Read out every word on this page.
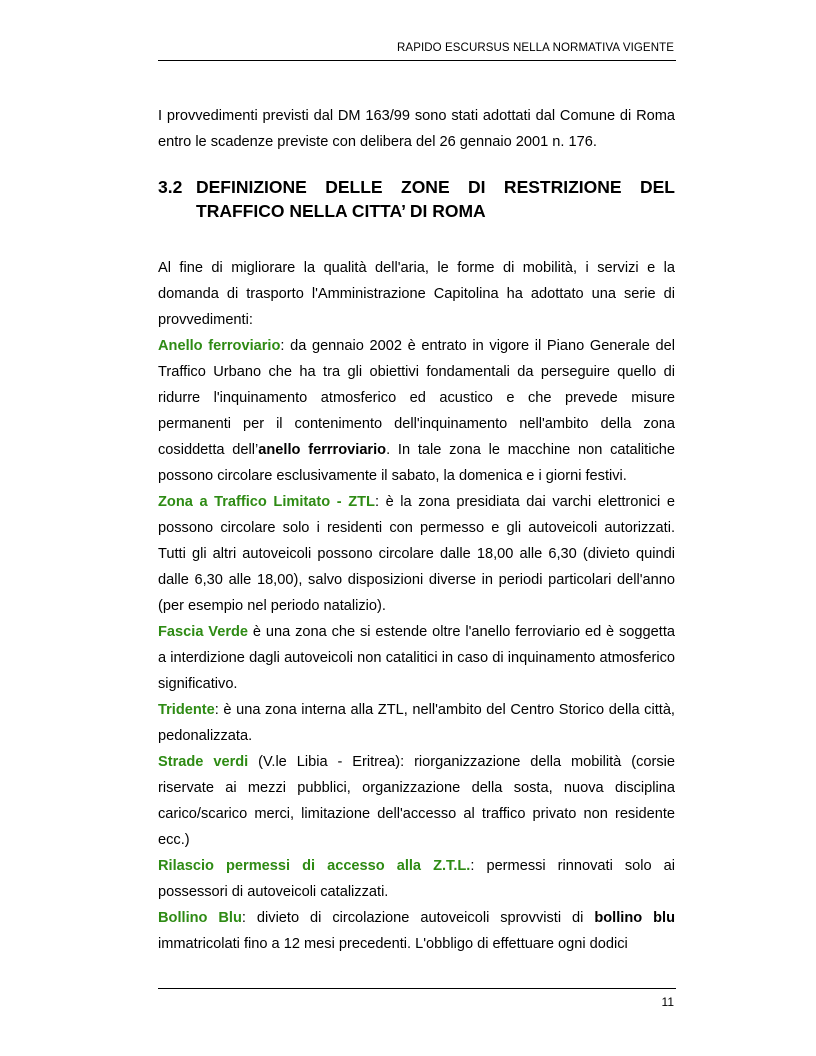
RAPIDO ESCURSUS NELLA NORMATIVA VIGENTE

I provvedimenti previsti dal DM 163/99 sono stati adottati dal Comune di Roma entro le scadenze previste con delibera del 26 gennaio 2001 n. 176.

3.2 DEFINIZIONE DELLE ZONE DI RESTRIZIONE DEL
TRAFFICO NELLA CITTA’ DI ROMA

Al fine di migliorare la qualità dell'aria, le forme di mobilità, i servizi e la domanda di trasporto l'Amministrazione Capitolina ha adottato una serie di provvedimenti:

Anello ferroviario: da gennaio 2002 è entrato in vigore il Piano Generale del Traffico Urbano che ha tra gli obiettivi fondamentali da perseguire quello di ridurre l'inquinamento atmosferico ed acustico e che prevede misure permanenti per il contenimento dell'inquinamento nell'ambito della zona cosiddetta dell’anello ferrroviario. In tale zona le macchine non catalitiche possono circolare esclusivamente il sabato, la domenica e i giorni festivi.

Zona a Traffico Limitato - ZTL: è la zona presidiata dai varchi elettronici e possono circolare solo i residenti con permesso e gli autoveicoli autorizzati. Tutti gli altri autoveicoli possono circolare dalle 18,00 alle 6,30 (divieto quindi dalle 6,30 alle 18,00), salvo disposizioni diverse in periodi particolari dell'anno (per esempio nel periodo natalizio).

Fascia Verde è una zona che si estende oltre l'anello ferroviario ed è soggetta a interdizione dagli autoveicoli non catalitici in caso di inquinamento atmosferico significativo.

Tridente: è una zona interna alla ZTL, nell'ambito del Centro Storico della città, pedonalizzata.

Strade verdi (V.le Libia - Eritrea): riorganizzazione della mobilità (corsie riservate ai mezzi pubblici, organizzazione della sosta, nuova disciplina carico/scarico merci, limitazione dell'accesso al traffico privato non residente ecc.)

Rilascio permessi di accesso alla Z.T.L.: permessi rinnovati solo ai possessori di autoveicoli catalizzati.

Bollino Blu: divieto di circolazione autoveicoli sprovvisti di bollino blu immatricolati fino a 12 mesi precedenti. L'obbligo di effettuare ogni dodici

11
